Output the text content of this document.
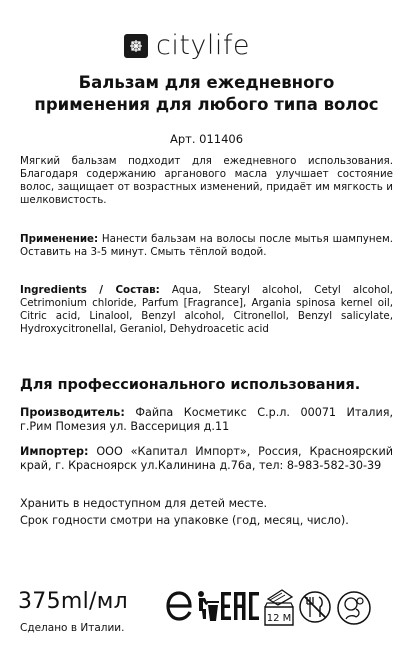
citylife
Бальзам для ежедневного
применения для любого типа волос
Арт. 011406
Мягкий бальзам подходит для ежедневного использования. Благодаря содержанию арганового масла улучшает состояние волос, защищает от возрастных изменений, придаёт им мягкость и шелковистость.
Применение: Нанести бальзам на волосы после мытья шампунем. Оставить на 3-5 минут. Смыть тёплой водой.
Ingredients / Состав: Aqua, Stearyl alcohol, Cetyl alcohol, Cetrimonium chloride, Parfum [Fragrance], Argania spinosa kernel oil, Citric acid, Linalool, Benzyl alcohol, Citronellol, Benzyl salicylate, Hydroxycitronellal, Geraniol, Dehydroacetic acid
Для профессионального использования.
Производитель: Файпа Косметикс С.р.л. 00071 Италия, г.Рим Помезия ул. Вассериция д.11
Импортер: ООО «Капитал Импорт», Россия, Красноярский край, г. Красноярск ул.Калинина д.76а, тел: 8-983-582-30-39
Хранить в недоступном для детей месте.
Срок годности смотри на упаковке (год, месяц, число).
375ml/мл
Сделано в Италии.
12 M
